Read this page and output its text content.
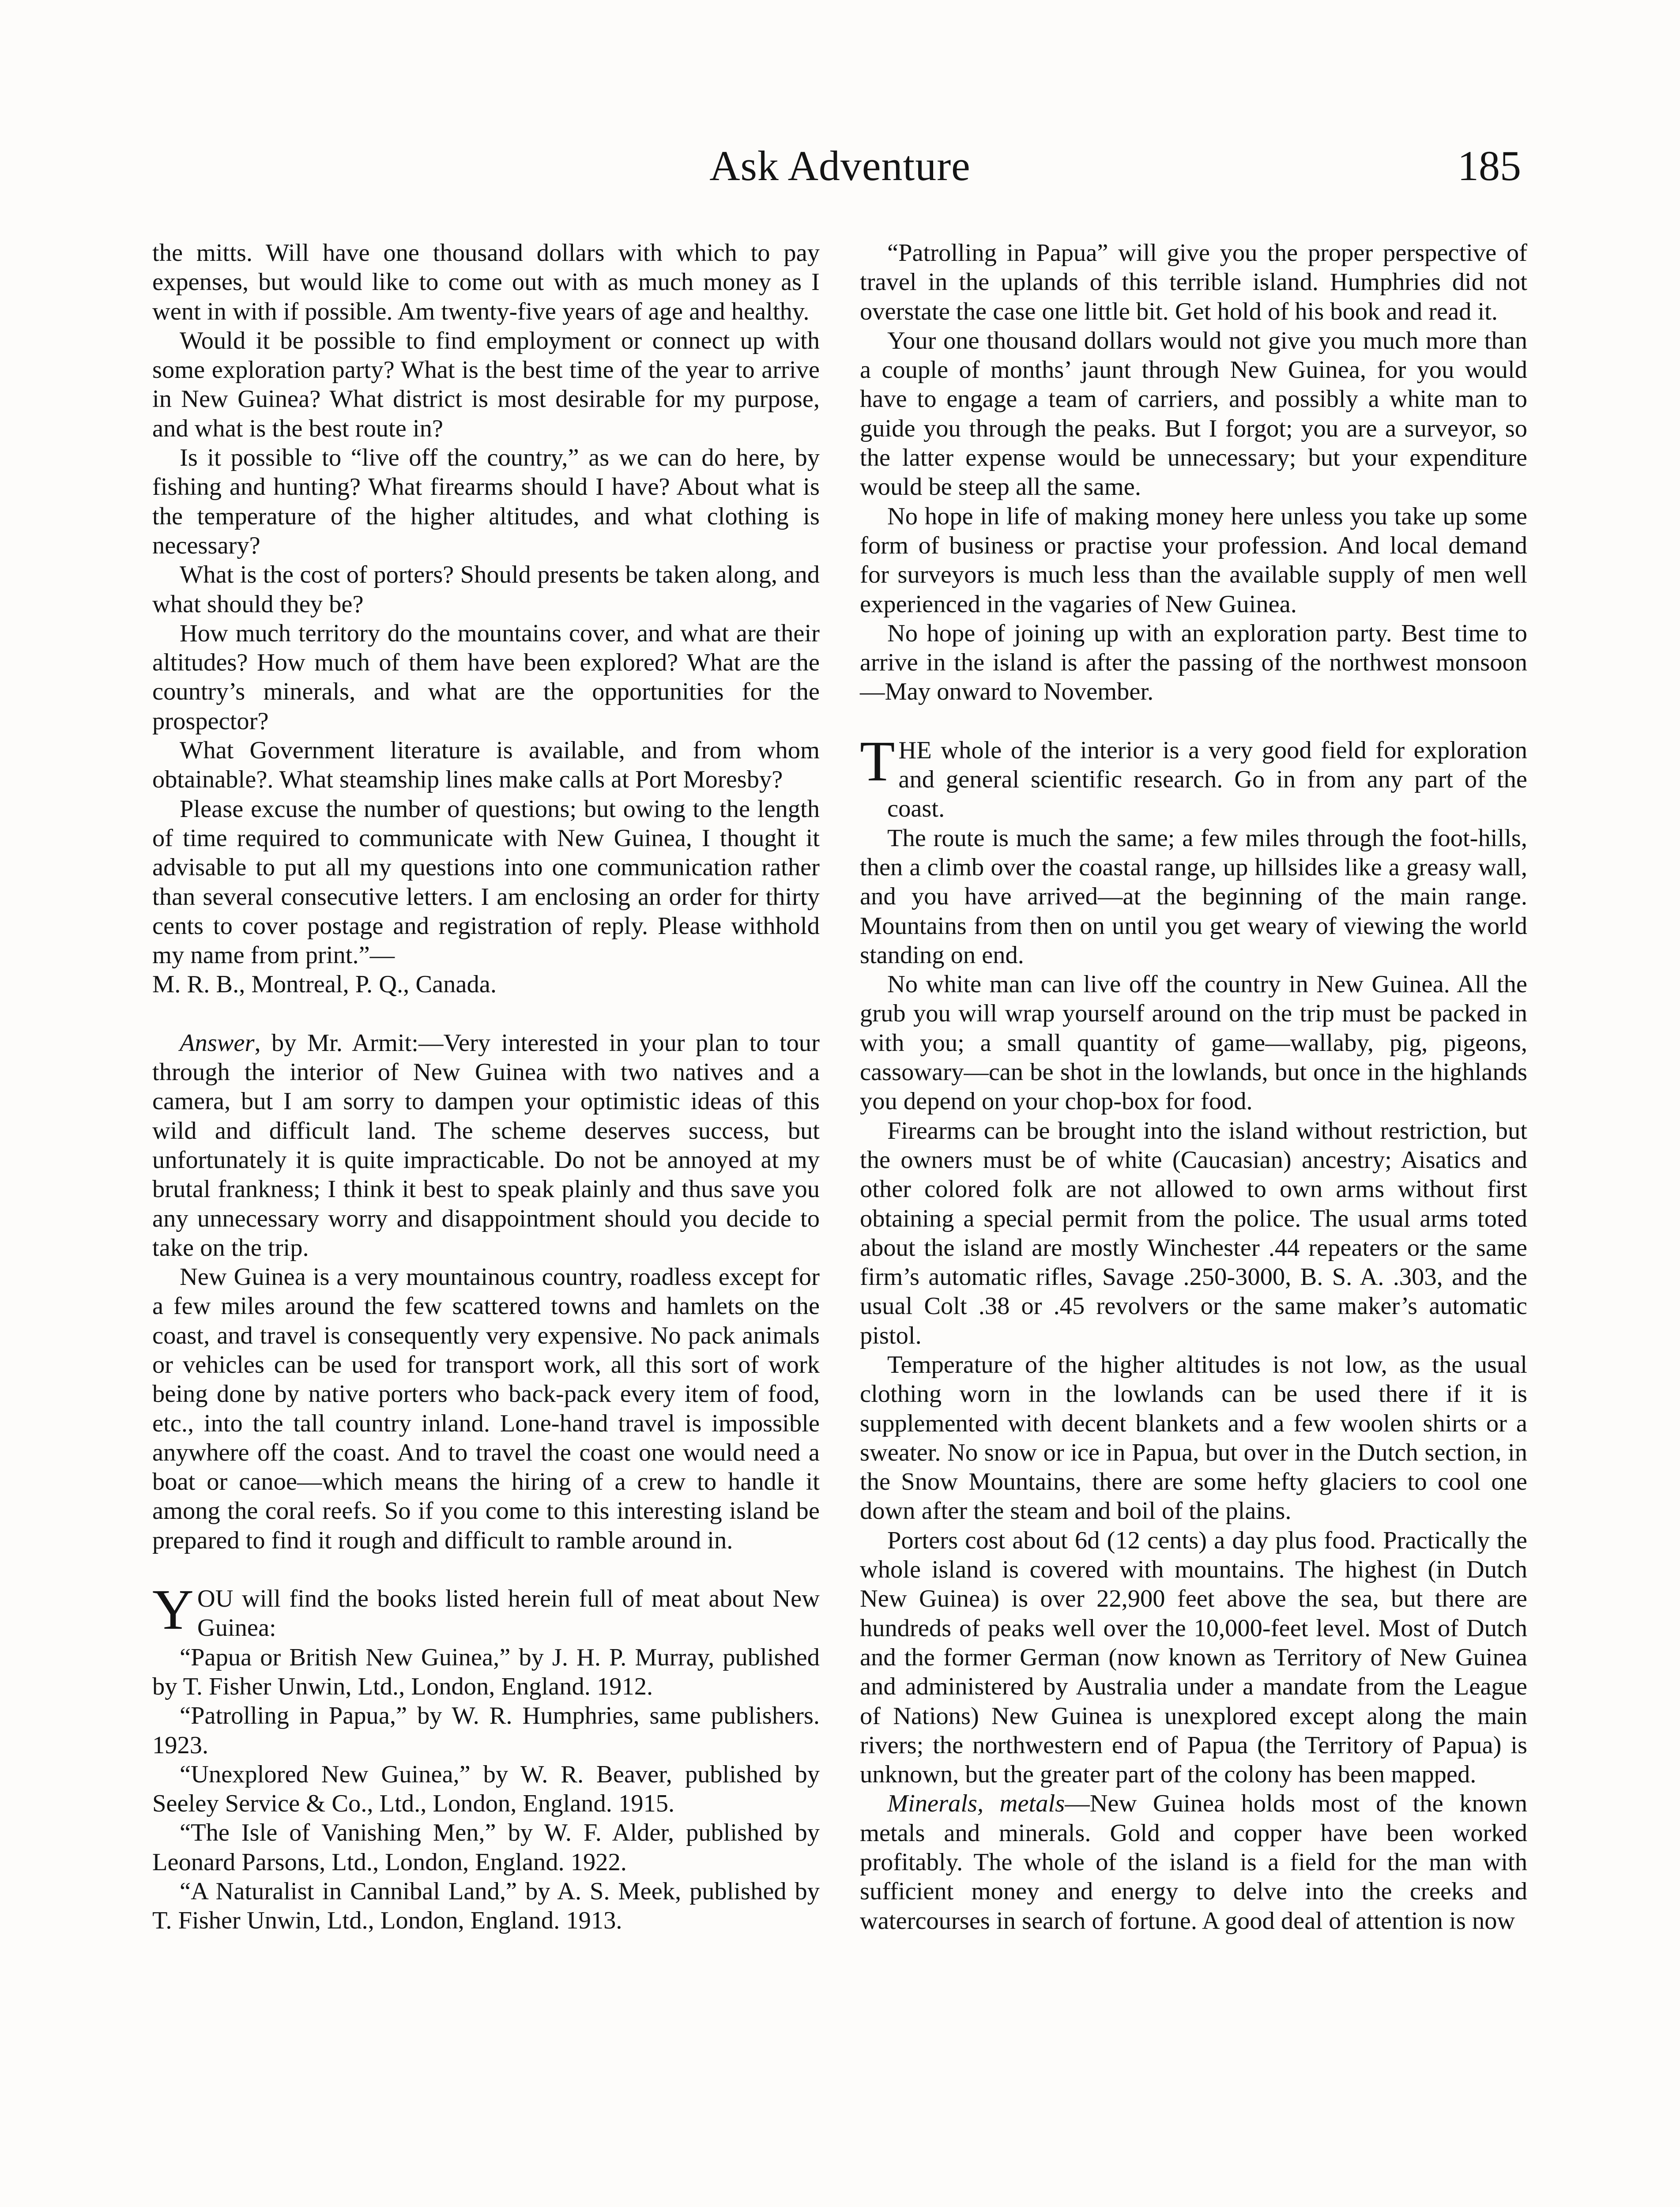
Ask Adventure	185

the mitts. Will have one thousand dollars with which to pay expenses, but would like to come out with as much money as I went in with if possible. Am twenty-five years of age and healthy.

Would it be possible to find employment or connect up with some exploration party? What is the best time of the year to arrive in New Guinea? What district is most desirable for my purpose, and what is the best route in?

Is it possible to “live off the country,” as we can do here, by fishing and hunting? What firearms should I have? About what is the temperature of the higher altitudes, and what clothing is necessary?

What is the cost of porters? Should presents be taken along, and what should they be?

How much territory do the mountains cover, and what are their altitudes? How much of them have been explored? What are the country’s minerals, and what are the opportunities for the prospector?

What Government literature is available, and from whom obtainable?. What steamship lines make calls at Port Moresby?

Please excuse the number of questions; but owing to the length of time required to communicate with New Guinea, I thought it advisable to put all my questions into one communication rather than several consecutive letters. I am enclosing an order for thirty cents to cover postage and registration of reply. Please withhold my name from print.”—

M. R. B., Montreal, P. Q., Canada.

Answer, by Mr. Armit:—Very interested in your plan to tour through the interior of New Guinea with two natives and a camera, but I am sorry to dampen your optimistic ideas of this wild and difficult land. The scheme deserves success, but unfortunately it is quite impracticable. Do not be annoyed at my brutal frankness; I think it best to speak plainly and thus save you any unnecessary worry and disappointment should you decide to take on the trip.

New Guinea is a very mountainous country, roadless except for a few miles around the few scattered towns and hamlets on the coast, and travel is consequently very expensive. No pack animals or vehicles can be used for transport work, all this sort of work being done by native porters who back-pack every item of food, etc., into the tall country inland. Lone-hand travel is impossible anywhere off the coast. And to travel the coast one would need a boat or canoe—which means the hiring of a crew to handle it among the coral reefs. So if you come to this interesting island be prepared to find it rough and difficult to ramble around in.

YOU will find the books listed herein full of meat about New Guinea:

“Papua or British New Guinea,” by J. H. P. Murray, published by T. Fisher Unwin, Ltd., London, England. 1912.

“Patrolling in Papua,” by W. R. Humphries, same publishers. 1923.

“Unexplored New Guinea,” by W. R. Beaver, published by Seeley Service & Co., Ltd., London, England. 1915.

“The Isle of Vanishing Men,” by W. F. Alder, published by Leonard Parsons, Ltd., London, England. 1922.

“A Naturalist in Cannibal Land,” by A. S. Meek, published by T. Fisher Unwin, Ltd., London, England. 1913.

“Patrolling in Papua” will give you the proper perspective of travel in the uplands of this terrible island. Humphries did not overstate the case one little bit. Get hold of his book and read it.

Your one thousand dollars would not give you much more than a couple of months’ jaunt through New Guinea, for you would have to engage a team of carriers, and possibly a white man to guide you through the peaks. But I forgot; you are a surveyor, so the latter expense would be unnecessary; but your expenditure would be steep all the same.

No hope in life of making money here unless you take up some form of business or practise your profession. And local demand for surveyors is much less than the available supply of men well experienced in the vagaries of New Guinea.

No hope of joining up with an exploration party. Best time to arrive in the island is after the passing of the northwest monsoon—May onward to November.

THE whole of the interior is a very good field for exploration and general scientific research. Go in from any part of the coast.

The route is much the same; a few miles through the foot-hills, then a climb over the coastal range, up hillsides like a greasy wall, and you have arrived—at the beginning of the main range. Mountains from then on until you get weary of viewing the world standing on end.

No white man can live off the country in New Guinea. All the grub you will wrap yourself around on the trip must be packed in with you; a small quantity of game—wallaby, pig, pigeons, cassowary—can be shot in the lowlands, but once in the highlands you depend on your chop-box for food.

Firearms can be brought into the island without restriction, but the owners must be of white (Caucasian) ancestry; Aisatics and other colored folk are not allowed to own arms without first obtaining a special permit from the police. The usual arms toted about the island are mostly Winchester .44 repeaters or the same firm’s automatic rifles, Savage .250-3000, B. S. A. .303, and the usual Colt .38 or .45 revolvers or the same maker’s automatic pistol.

Temperature of the higher altitudes is not low, as the usual clothing worn in the lowlands can be used there if it is supplemented with decent blankets and a few woolen shirts or a sweater. No snow or ice in Papua, but over in the Dutch section, in the Snow Mountains, there are some hefty glaciers to cool one down after the steam and boil of the plains.

Porters cost about 6d (12 cents) a day plus food. Practically the whole island is covered with mountains. The highest (in Dutch New Guinea) is over 22,900 feet above the sea, but there are hundreds of peaks well over the 10,000-feet level. Most of Dutch and the former German (now known as Territory of New Guinea and administered by Australia under a mandate from the League of Nations) New Guinea is unexplored except along the main rivers; the northwestern end of Papua (the Territory of Papua) is unknown, but the greater part of the colony has been mapped.

Minerals, metals—New Guinea holds most of the known metals and minerals. Gold and copper have been worked profitably. The whole of the island is a field for the man with sufficient money and energy to delve into the creeks and watercourses in search of fortune. A good deal of attention is now
